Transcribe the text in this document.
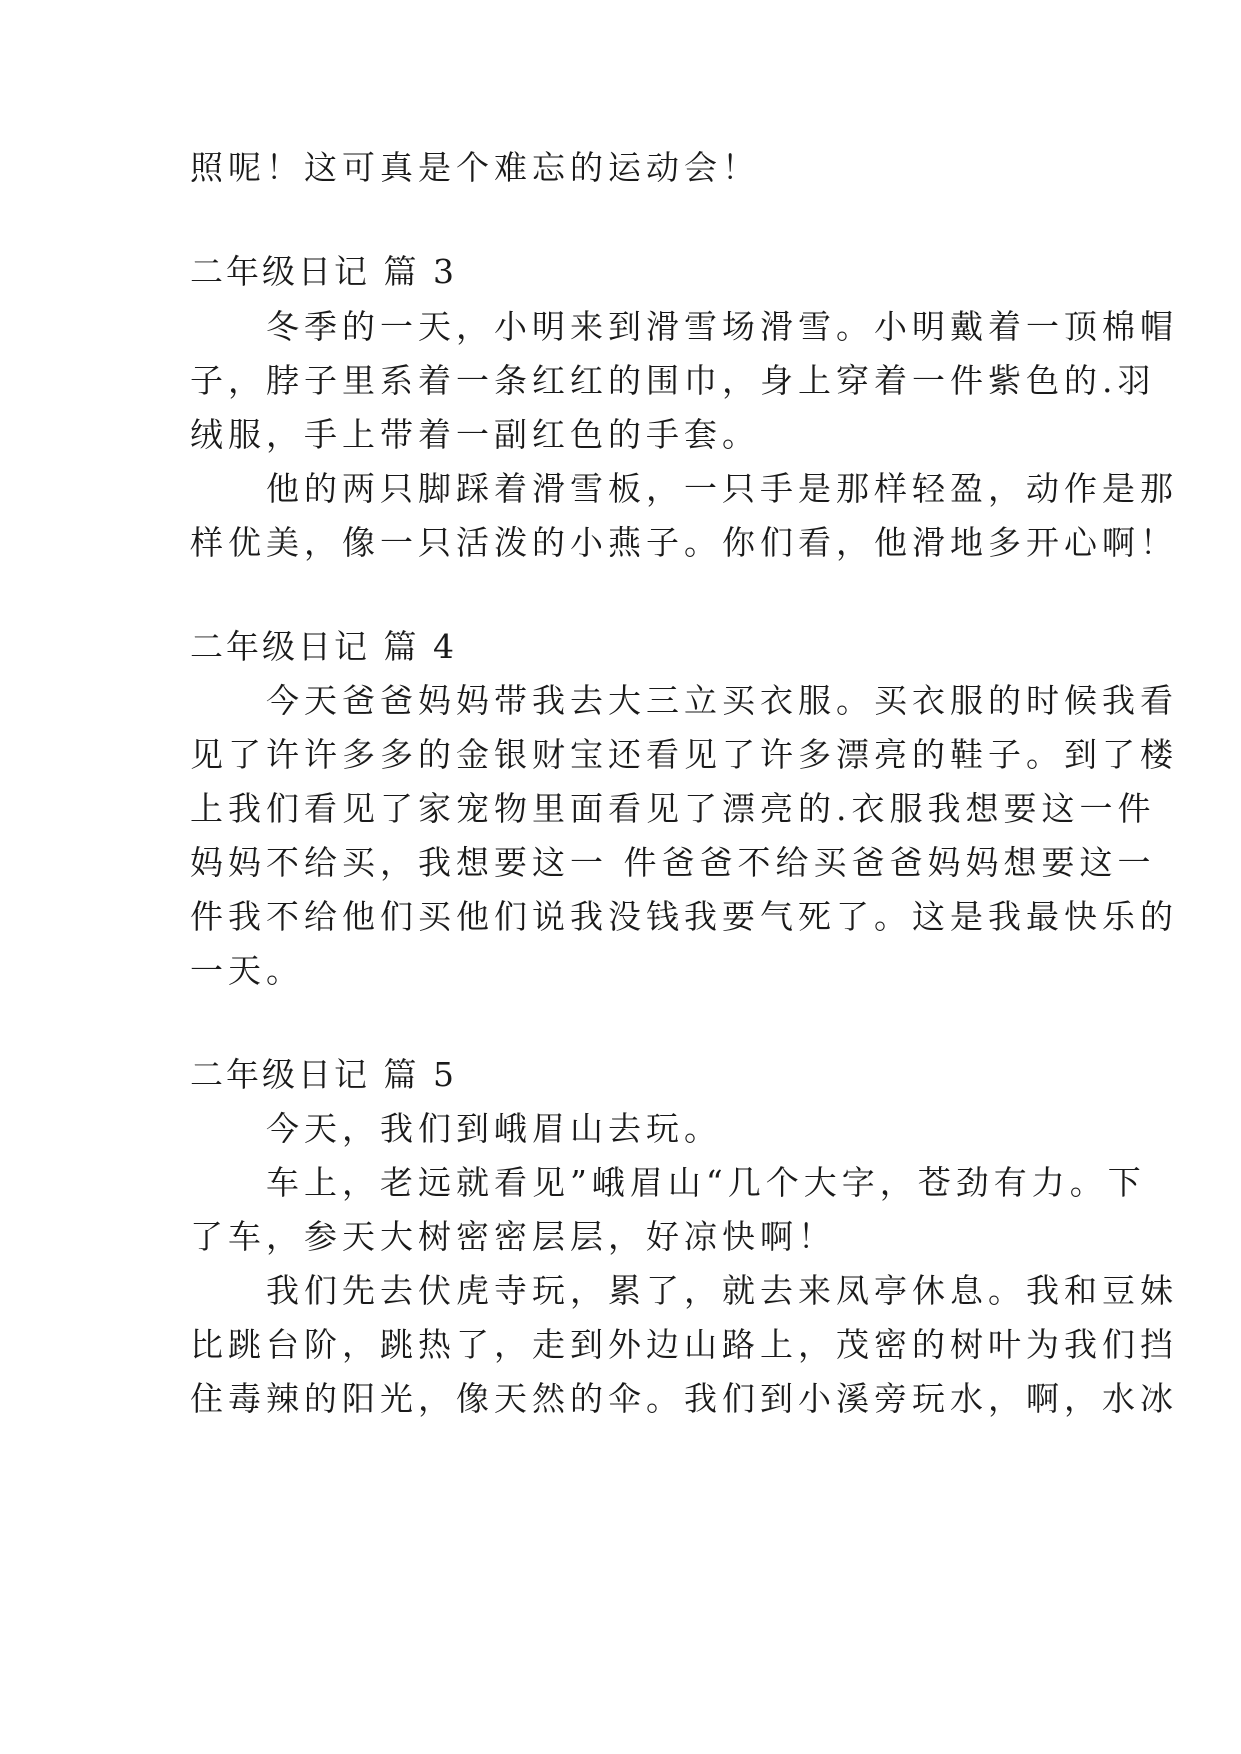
照呢！这可真是个难忘的运动会！

二年级日记 篇 3

　　冬季的一天，小明来到滑雪场滑雪。小明戴着一顶棉帽

子，脖子里系着一条红红的围巾，身上穿着一件紫色的.羽

绒服，手上带着一副红色的手套。

　　他的两只脚踩着滑雪板，一只手是那样轻盈，动作是那

样优美，像一只活泼的小燕子。你们看，他滑地多开心啊！

二年级日记 篇 4

　　今天爸爸妈妈带我去大三立买衣服。买衣服的时候我看

见了许许多多的金银财宝还看见了许多漂亮的鞋子。到了楼

上我们看见了家宠物里面看见了漂亮的.衣服我想要这一件

妈妈不给买，我想要这一 件爸爸不给买爸爸妈妈想要这一

件我不给他们买他们说我没钱我要气死了。这是我最快乐的

一天。

二年级日记 篇 5

　　今天，我们到峨眉山去玩。

　　车上，老远就看见”峨眉山“几个大字，苍劲有力。下

了车，参天大树密密层层，好凉快啊！

　　我们先去伏虎寺玩，累了，就去来凤亭休息。我和豆妹

比跳台阶，跳热了，走到外边山路上，茂密的树叶为我们挡

住毒辣的阳光，像天然的伞。我们到小溪旁玩水，啊，水冰
